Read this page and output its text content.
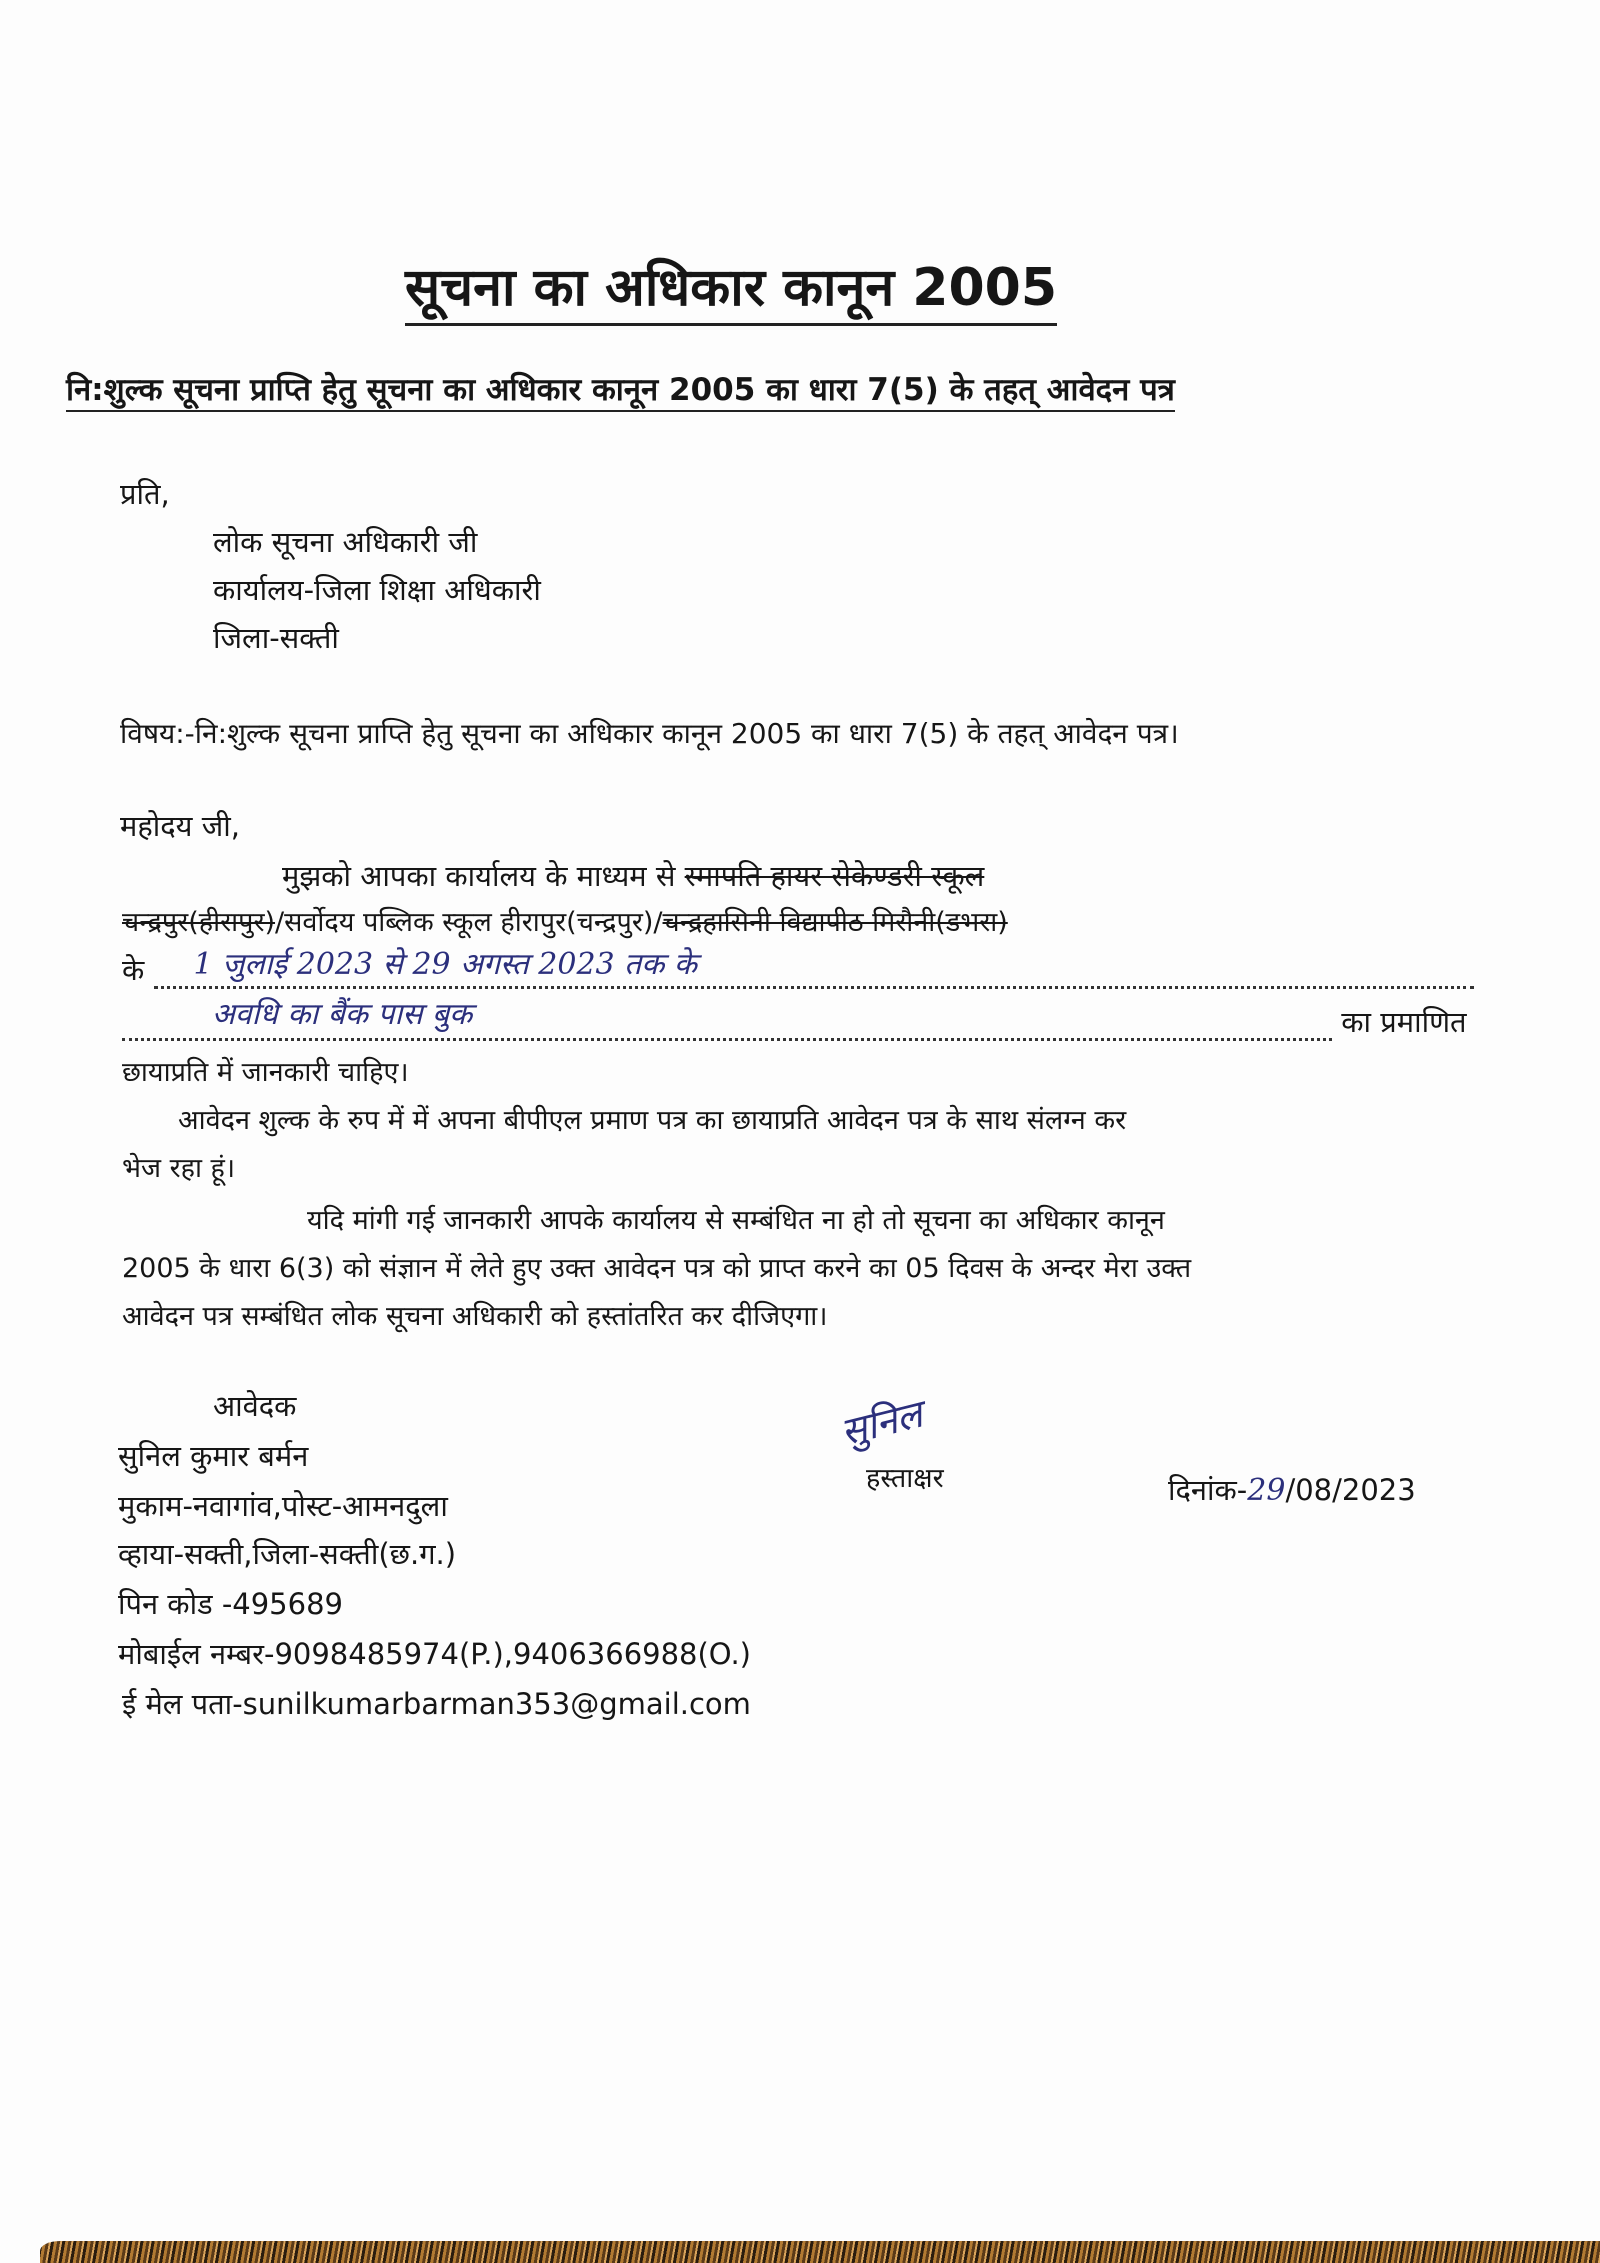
सूचना का अधिकार कानून 2005
नि:शुल्क सूचना प्राप्ति हेतु सूचना का अधिकार कानून 2005 का धारा 7(5) के तहत् आवेदन पत्र
प्रति,
लोक सूचना अधिकारी जी
कार्यालय-जिला शिक्षा अधिकारी
जिला-सक्ती
विषय:-नि:शुल्क सूचना प्राप्ति हेतु सूचना का अधिकार कानून 2005 का धारा 7(5) के तहत् आवेदन पत्र।
महोदय जी,
मुझको आपका कार्यालय के माध्यम से स्मापति हायर सेकेण्डरी स्कूल
चन्द्रपुर(हीरापुर)/सर्वोदय पब्लिक स्कूल हीरापुर(चन्द्रपुर)/चन्द्रहासिनी विद्यापीठ मिरौनी(डभरा)
के 1 जुलाई 2023 से 29 अगस्त 2023 तक के
अवधि का बैंक पास बुक	का प्रमाणित
छायाप्रति में जानकारी चाहिए।
आवेदन शुल्क के रुप में में अपना बीपीएल प्रमाण पत्र का छायाप्रति आवेदन पत्र के साथ संलग्न कर
भेज रहा हूं।
यदि मांगी गई जानकारी आपके कार्यालय से सम्बंधित ना हो तो सूचना का अधिकार कानून
2005 के धारा 6(3) को संज्ञान में लेते हुए उक्त आवेदन पत्र को प्राप्त करने का 05 दिवस के अन्दर मेरा उक्त
आवेदन पत्र सम्बंधित लोक सूचना अधिकारी को हस्तांतरित कर दीजिएगा।
आवेदक
सुनिल कुमार बर्मन
मुकाम-नवागांव,पोस्ट-आमनदुला
व्हाया-सक्ती,जिला-सक्ती(छ.ग.)
पिन कोड -495689
मोबाईल नम्बर-9098485974(P.),9406366988(O.)
ई मेल पता-sunilkumarbarman353@gmail.com
सुनिल
हस्ताक्षर	दिनांक-29/08/2023
